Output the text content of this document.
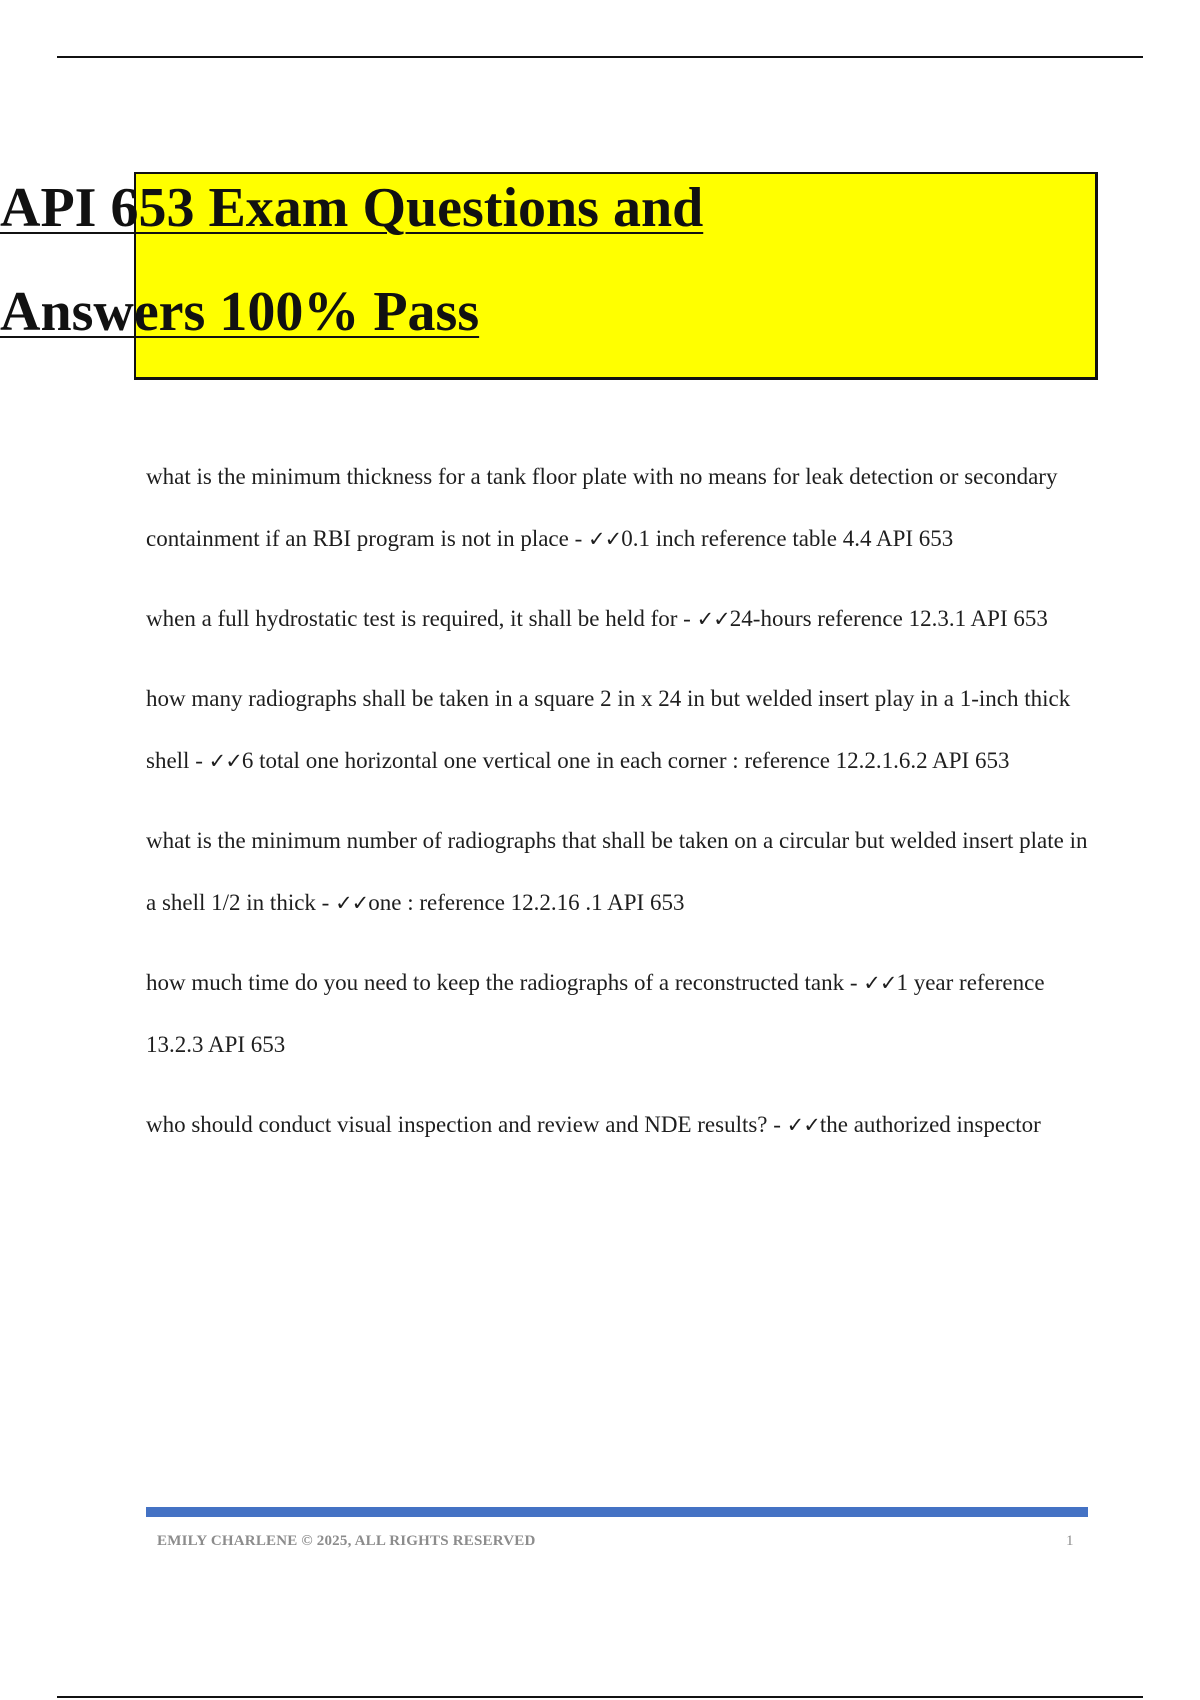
API 653 Exam Questions and
Answers 100% Pass

what is the minimum thickness for a tank floor plate with no means for leak detection or secondary containment if an RBI program is not in place - ✓✓0.1 inch reference table 4.4 API 653

when a full hydrostatic test is required, it shall be held for - ✓✓24-hours reference 12.3.1 API 653

how many radiographs shall be taken in a square 2 in x 24 in but welded insert play in a 1-inch thick shell - ✓✓6 total one horizontal one vertical one in each corner : reference 12.2.1.6.2 API 653

what is the minimum number of radiographs that shall be taken on a circular but welded insert plate in a shell 1/2 in thick - ✓✓one : reference 12.2.16 .1 API 653

how much time do you need to keep the radiographs of a reconstructed tank - ✓✓1 year reference 13.2.3 API 653

who should conduct visual inspection and review and NDE results? - ✓✓the authorized inspector

EMILY CHARLENE © 2025, ALL RIGHTS RESERVED	1
